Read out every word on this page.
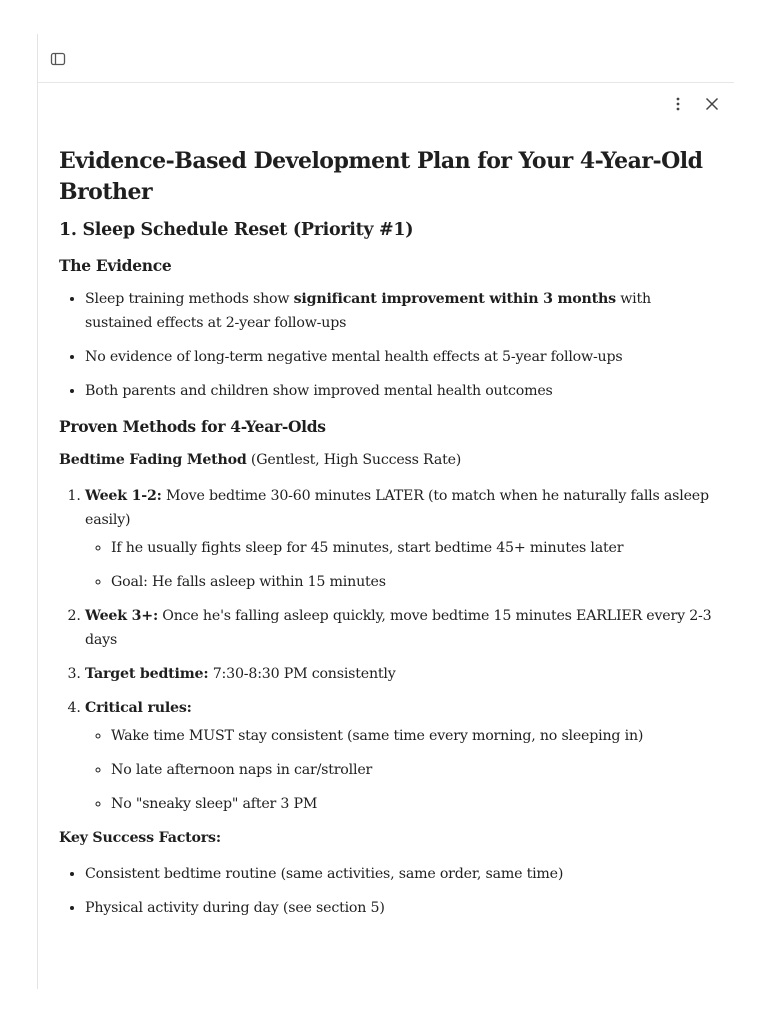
Evidence-Based Development Plan for Your 4-Year-Old Brother
1. Sleep Schedule Reset (Priority #1)
The Evidence
• Sleep training methods show significant improvement within 3 months with sustained effects at 2-year follow-ups
• No evidence of long-term negative mental health effects at 5-year follow-ups
• Both parents and children show improved mental health outcomes
Proven Methods for 4-Year-Olds

Bedtime Fading Method (Gentlest, High Success Rate)

1. Week 1-2: Move bedtime 30-60 minutes LATER (to match when he naturally falls asleep easily)
◦ If he usually fights sleep for 45 minutes, start bedtime 45+ minutes later
◦ Goal: He falls asleep within 15 minutes
2. Week 3+: Once he's falling asleep quickly, move bedtime 15 minutes EARLIER every 2-3 days
3. Target bedtime: 7:30-8:30 PM consistently
4. Critical rules:
◦ Wake time MUST stay consistent (same time every morning, no sleeping in)
◦ No late afternoon naps in car/stroller
◦ No "sneaky sleep" after 3 PM

Key Success Factors:

• Consistent bedtime routine (same activities, same order, same time)
• Physical activity during day (see section 5)
